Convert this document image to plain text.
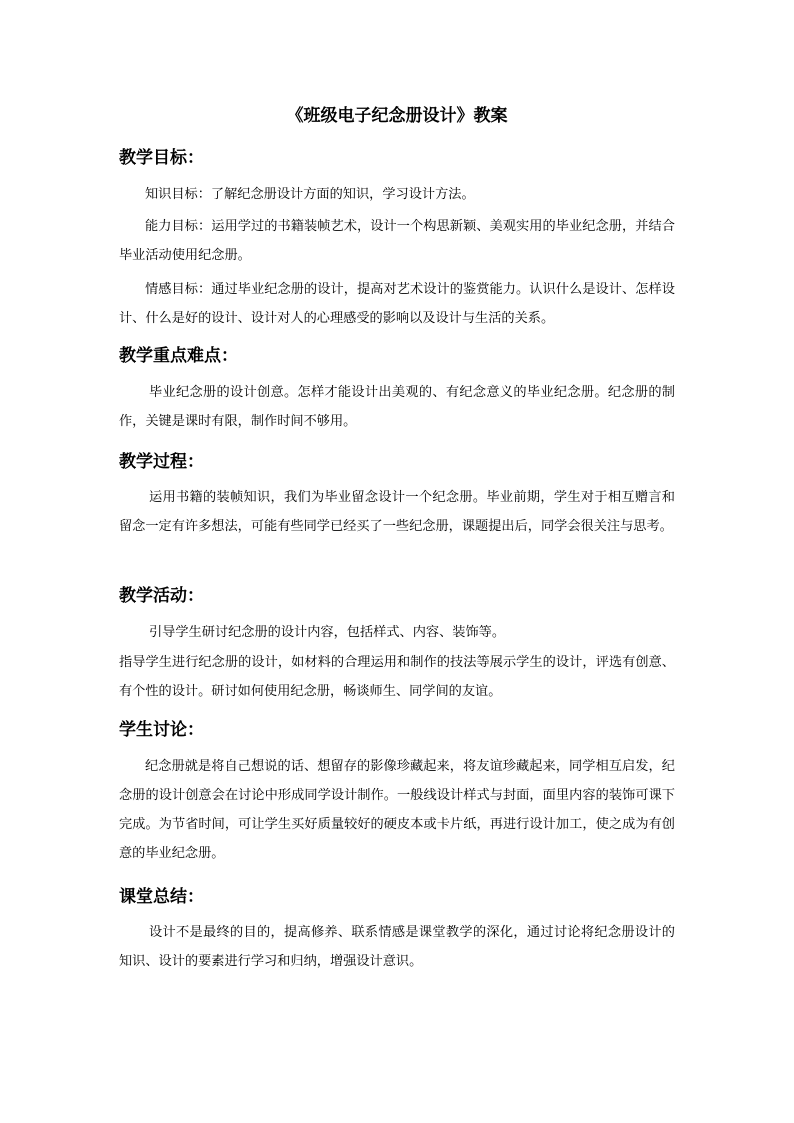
《班级电子纪念册设计》教案
教学目标：
知识目标：了解纪念册设计方面的知识，学习设计方法。
能力目标：运用学过的书籍装帧艺术，设计一个构思新颖、美观实用的毕业纪念册，并结合毕业活动使用纪念册。
情感目标：通过毕业纪念册的设计，提高对艺术设计的鉴赏能力。认识什么是设计、怎样设计、什么是好的设计、设计对人的心理感受的影响以及设计与生活的关系。
教学重点难点：
毕业纪念册的设计创意。怎样才能设计出美观的、有纪念意义的毕业纪念册。纪念册的制作，关键是课时有限，制作时间不够用。
教学过程：
运用书籍的装帧知识，我们为毕业留念设计一个纪念册。毕业前期，学生对于相互赠言和留念一定有许多想法，可能有些同学已经买了一些纪念册，课题提出后，同学会很关注与思考。
教学活动：
引导学生研讨纪念册的设计内容，包括样式、内容、装饰等。
指导学生进行纪念册的设计，如材料的合理运用和制作的技法等展示学生的设计，评选有创意、有个性的设计。研讨如何使用纪念册，畅谈师生、同学间的友谊。
学生讨论：
纪念册就是将自己想说的话、想留存的影像珍藏起来，将友谊珍藏起来，同学相互启发，纪念册的设计创意会在讨论中形成同学设计制作。一般线设计样式与封面，面里内容的装饰可课下完成。为节省时间，可让学生买好质量较好的硬皮本或卡片纸，再进行设计加工，使之成为有创意的毕业纪念册。
课堂总结：
设计不是最终的目的，提高修养、联系情感是课堂教学的深化，通过讨论将纪念册设计的知识、设计的要素进行学习和归纳，增强设计意识。
